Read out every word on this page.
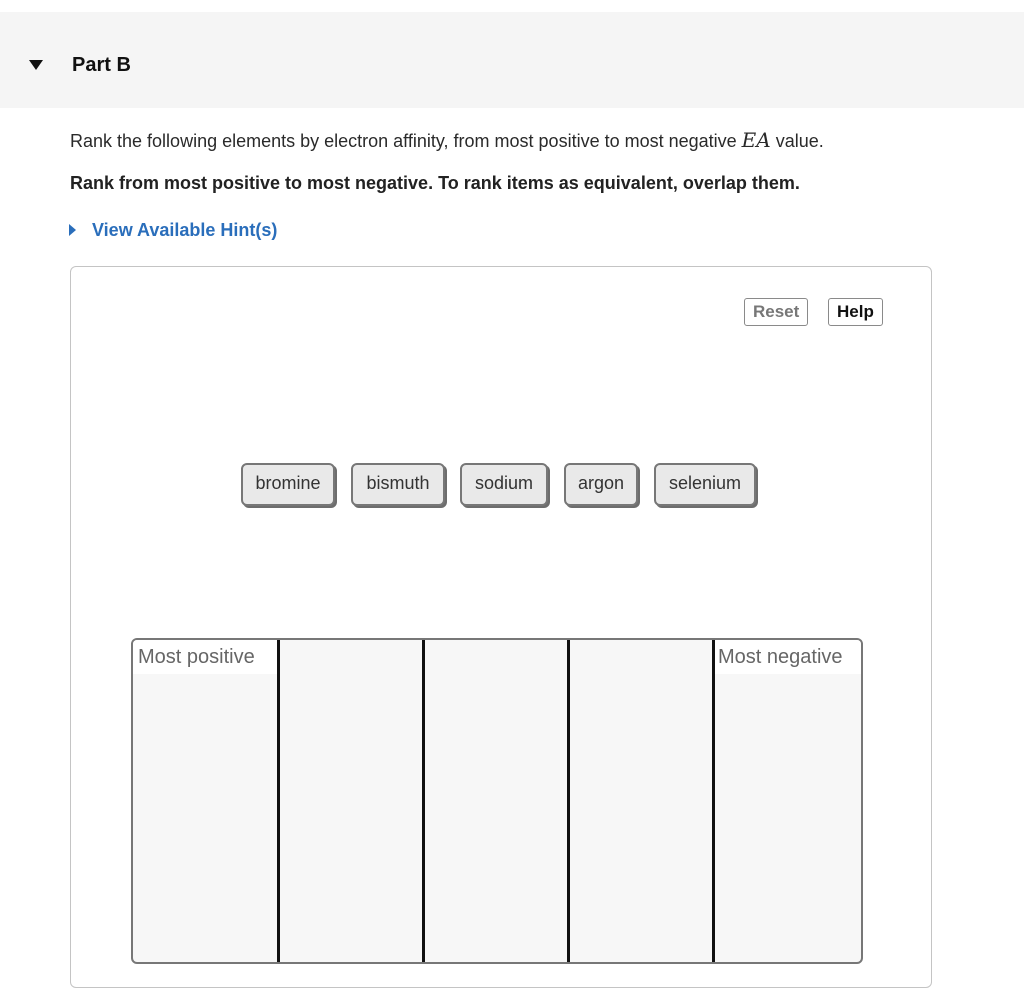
Part B

Rank the following elements by electron affinity, from most positive to most negative EA value.

Rank from most positive to most negative. To rank items as equivalent, overlap them.

View Available Hint(s)
Reset	Help
bromine	bismuth	sodium	argon	selenium
Most positive	Most negative
